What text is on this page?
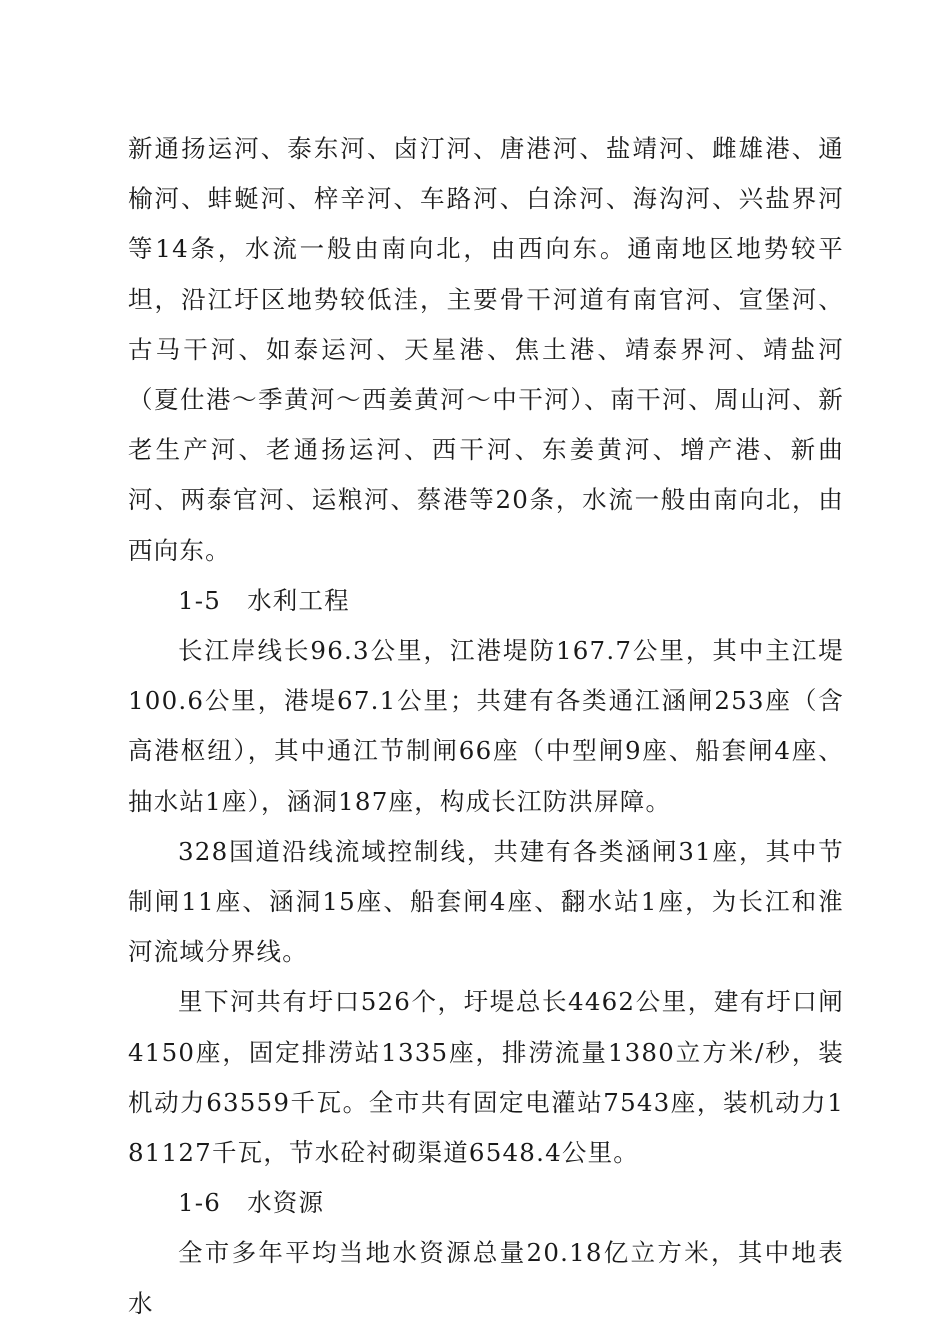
新通扬运河、泰东河、卤汀河、唐港河、盐靖河、雌雄港、通榆河、蚌蜒河、梓辛河、车路河、白涂河、海沟河、兴盐界河等14条，水流一般由南向北，由西向东。通南地区地势较平坦，沿江圩区地势较低洼，主要骨干河道有南官河、宣堡河、古马干河、如泰运河、天星港、焦土港、靖泰界河、靖盐河（夏仕港～季黄河～西姜黄河～中干河）、南干河、周山河、新老生产河、老通扬运河、西干河、东姜黄河、增产港、新曲河、两泰官河、运粮河、蔡港等20条，水流一般由南向北，由西向东。

1-5 水利工程

长江岸线长96.3公里，江港堤防167.7公里，其中主江堤100.6公里，港堤67.1公里；共建有各类通江涵闸253座（含高港枢纽），其中通江节制闸66座（中型闸9座、船套闸4座、抽水站1座），涵洞187座，构成长江防洪屏障。

328国道沿线流域控制线，共建有各类涵闸31座，其中节制闸11座、涵洞15座、船套闸4座、翻水站1座，为长江和淮河流域分界线。

里下河共有圩口526个，圩堤总长4462公里，建有圩口闸4150座，固定排涝站1335座，排涝流量1380立方米/秒，装机动力63559千瓦。全市共有固定电灌站7543座，装机动力181127千瓦，节水砼衬砌渠道6548.4公里。

1-6 水资源

全市多年平均当地水资源总量20.18亿立方米，其中地表水
